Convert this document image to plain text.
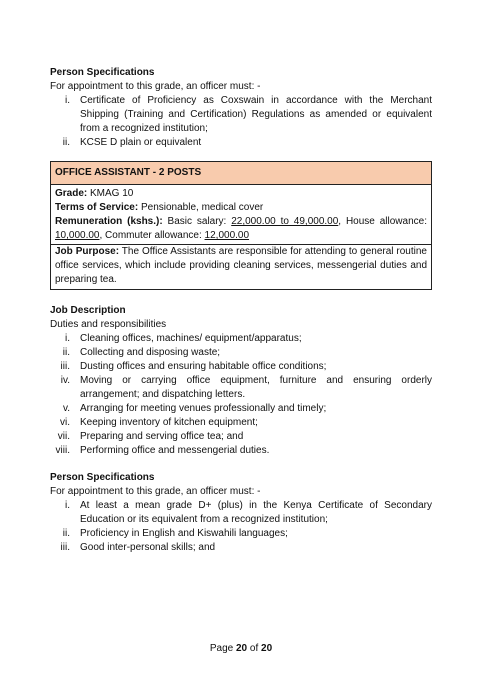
Person Specifications

For appointment to this grade, an officer must: -

i. Certificate of Proficiency as Coxswain in accordance with the Merchant Shipping (Training and Certification) Regulations as amended or equivalent from a recognized institution;
ii. KCSE D plain or equivalent
OFFICE ASSISTANT - 2 POSTS

Grade: KMAG 10

Terms of Service: Pensionable, medical cover

Remuneration (kshs.): Basic salary: 22,000.00 to 49,000.00, House allowance: 10,000.00, Commuter allowance: 12,000.00

Job Purpose: The Office Assistants are responsible for attending to general routine office services, which include providing cleaning services, messengerial duties and preparing tea.

Job Description

Duties and responsibilities

i. Cleaning offices, machines/ equipment/apparatus;
ii. Collecting and disposing waste;
iii. Dusting offices and ensuring habitable office conditions;
iv. Moving or carrying office equipment, furniture and ensuring orderly arrangement; and dispatching letters.
v. Arranging for meeting venues professionally and timely;
vi. Keeping inventory of kitchen equipment;
vii. Preparing and serving office tea; and
viii. Performing office and messengerial duties.
Person Specifications

For appointment to this grade, an officer must: -

i. At least a mean grade D+ (plus) in the Kenya Certificate of Secondary Education or its equivalent from a recognized institution;
ii. Proficiency in English and Kiswahili languages;
iii. Good inter-personal skills; and
Page 20 of 20
